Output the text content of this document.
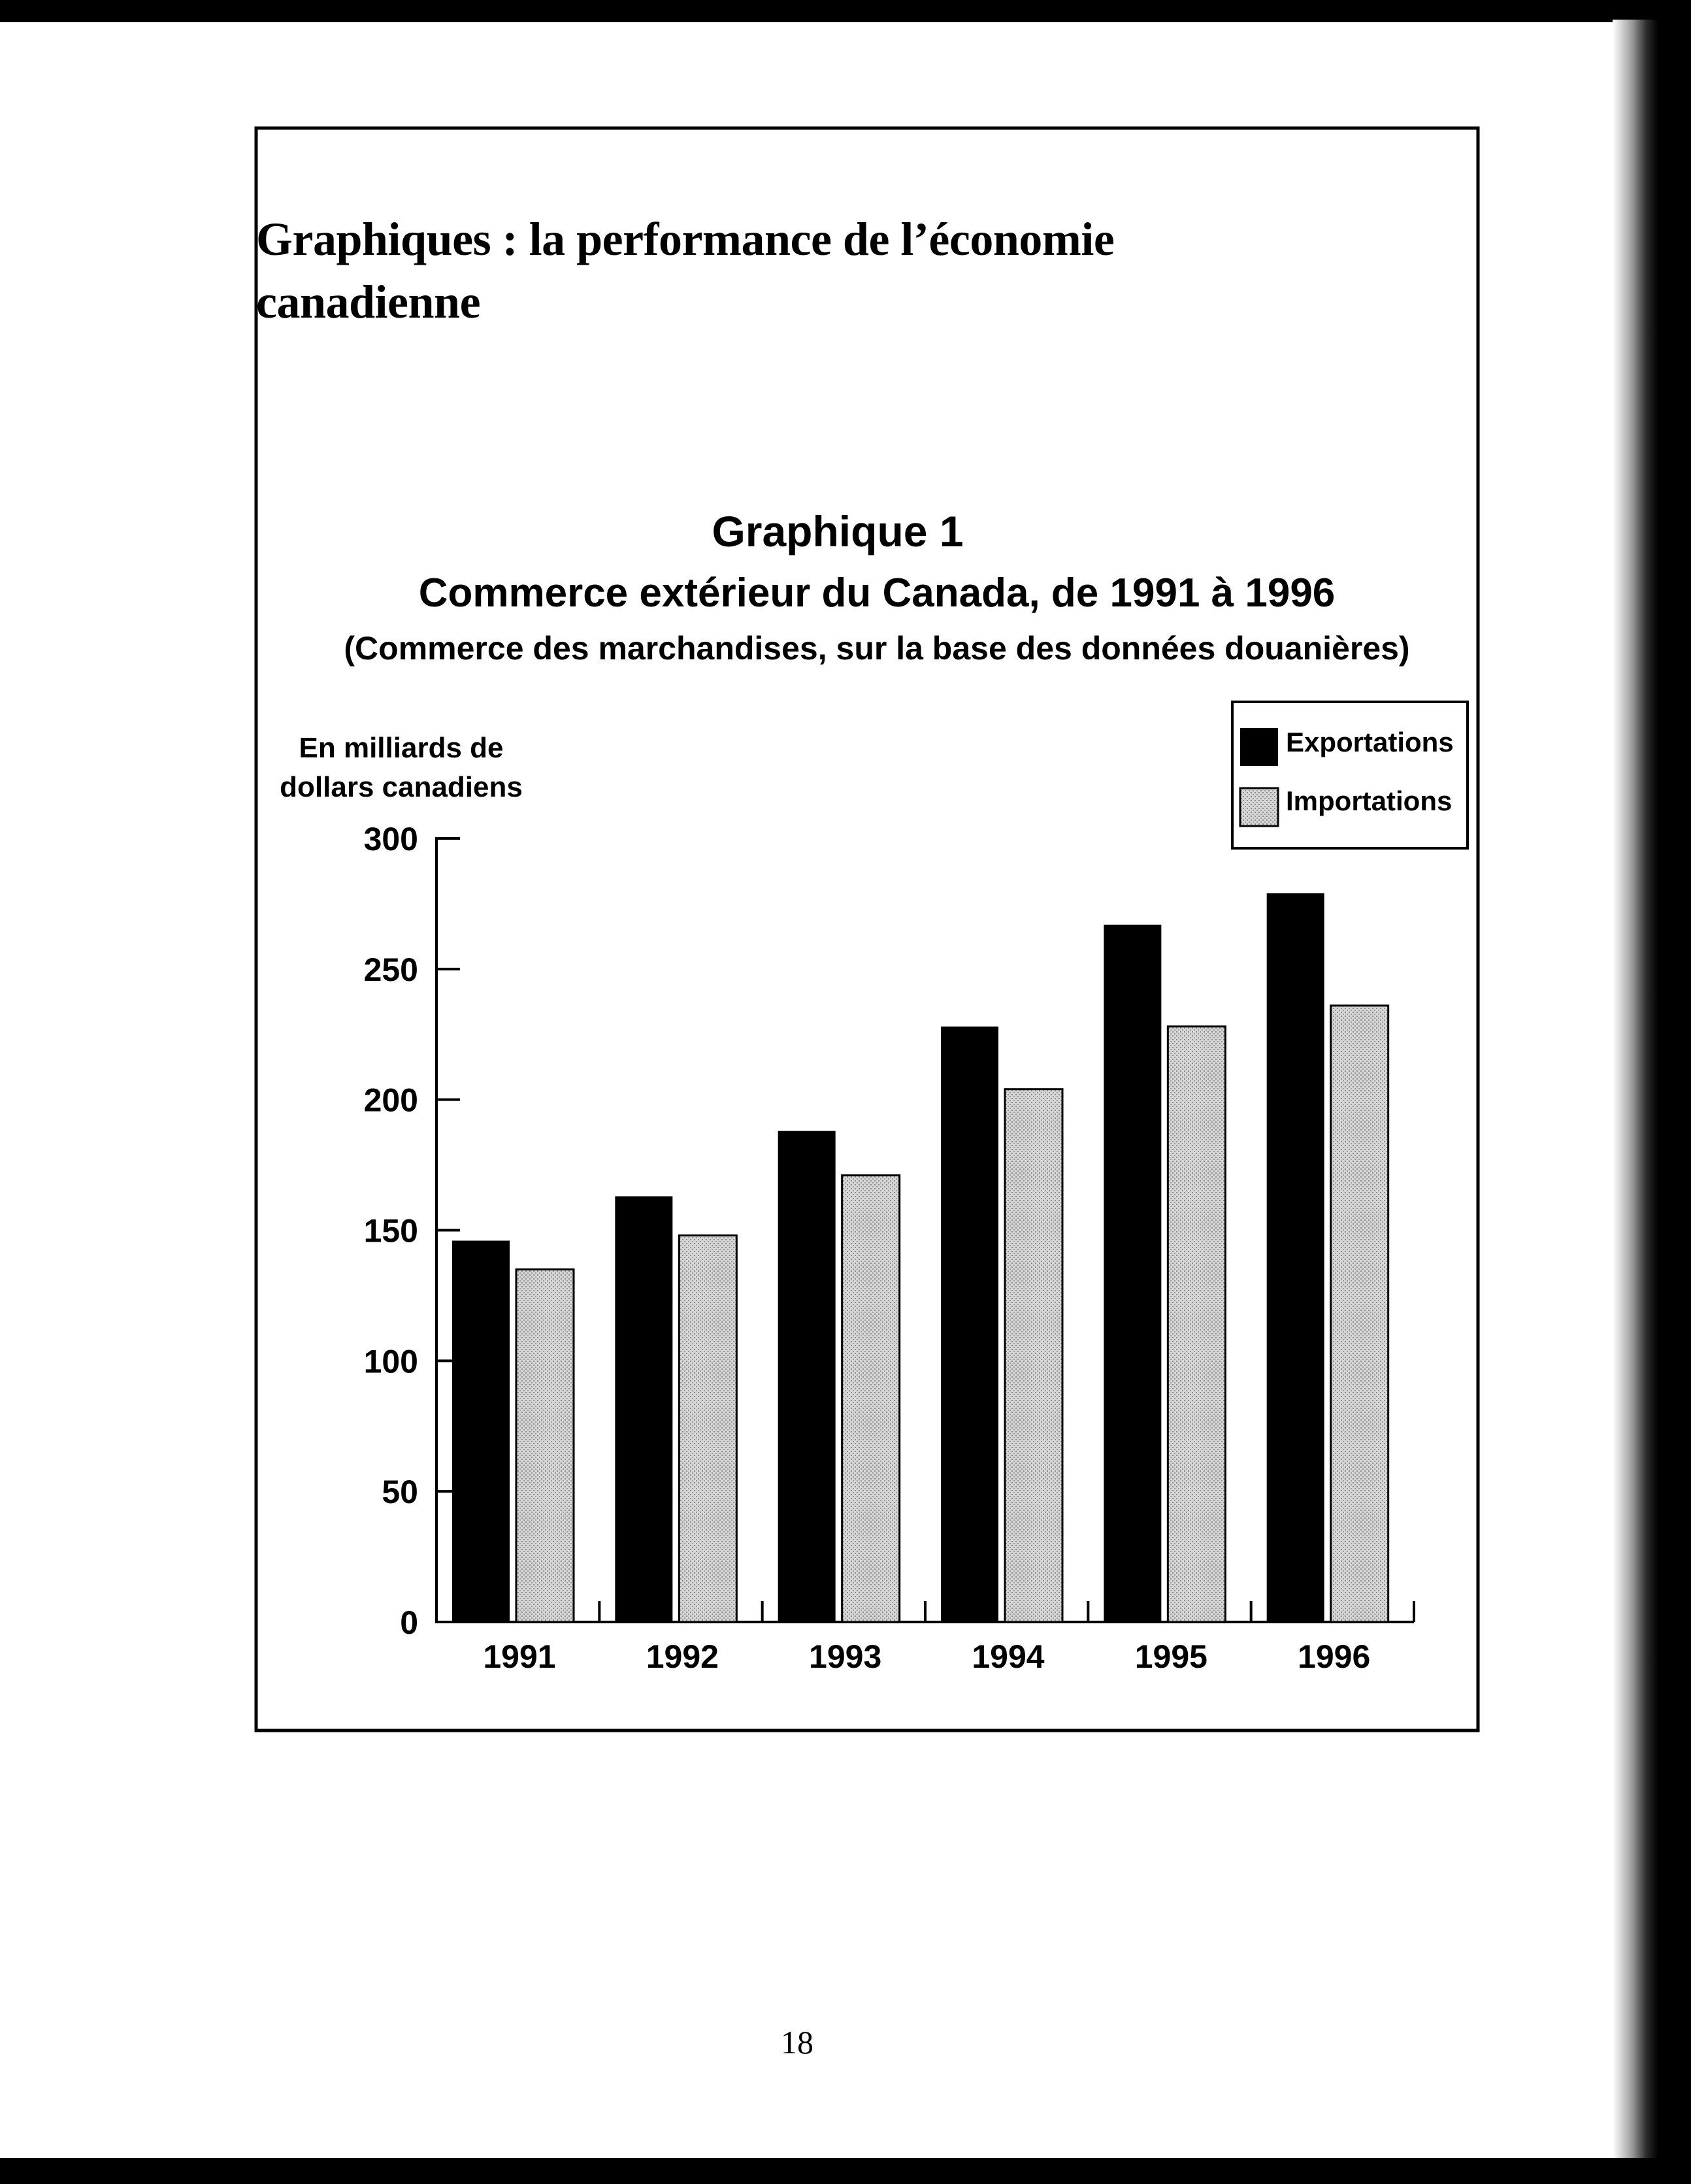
Graphiques : la performance de l’économie
canadienne
Graphique 1
Commerce extérieur du Canada, de 1991 à 1996
(Commerce des marchandises, sur la base des données douanières)
En milliards de
dollars canadiens
Exportations
Importations
0
50
100
150
200
250
300
1991	1992	1993	1994	1995	1996
18
